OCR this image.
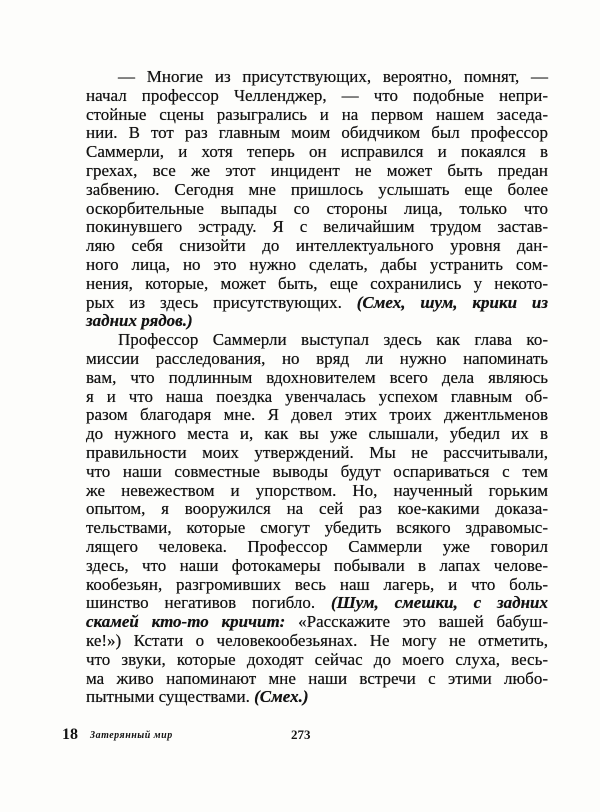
— Многие из присутствующих, вероятно, помнят, —
начал профессор Челленджер, — что подобные непри-
стойные сцены разыгрались и на первом нашем заседа-
нии. В тот раз главным моим обидчиком был профессор
Саммерли, и хотя теперь он исправился и покаялся в
грехах, все же этот инцидент не может быть предан
забвению. Сегодня мне пришлось услышать еще более
оскорбительные выпады со стороны лица, только что
покинувшего эстраду. Я с величайшим трудом застав-
ляю себя снизойти до интеллектуального уровня дан-
ного лица, но это нужно сделать, дабы устранить сом-
нения, которые, может быть, еще сохранились у некото-
рых из здесь присутствующих. (Смех, шум, крики из
задних рядов.)
Профессор Саммерли выступал здесь как глава ко-
миссии расследования, но вряд ли нужно напоминать
вам, что подлинным вдохновителем всего дела являюсь
я и что наша поездка увенчалась успехом главным об-
разом благодаря мне. Я довел этих троих джентльменов
до нужного места и, как вы уже слышали, убедил их в
правильности моих утверждений. Мы не рассчитывали,
что наши совместные выводы будут оспариваться с тем
же невежеством и упорством. Но, наученный горьким
опытом, я вооружился на сей раз кое-какими доказа-
тельствами, которые смогут убедить всякого здравомыс-
лящего человека. Профессор Саммерли уже говорил
здесь, что наши фотокамеры побывали в лапах челове-
кообезьян, разгромивших весь наш лагерь, и что боль-
шинство негативов погибло. (Шум, смешки, с задних
скамей кто-то кричит: «Расскажите это вашей бабуш-
ке!») Кстати о человекообезьянах. Не могу не отметить,
что звуки, которые доходят сейчас до моего слуха, весь-
ма живо напоминают мне наши встречи с этими любо-
пытными существами. (Смех.)
18 Затерянный мир	273
